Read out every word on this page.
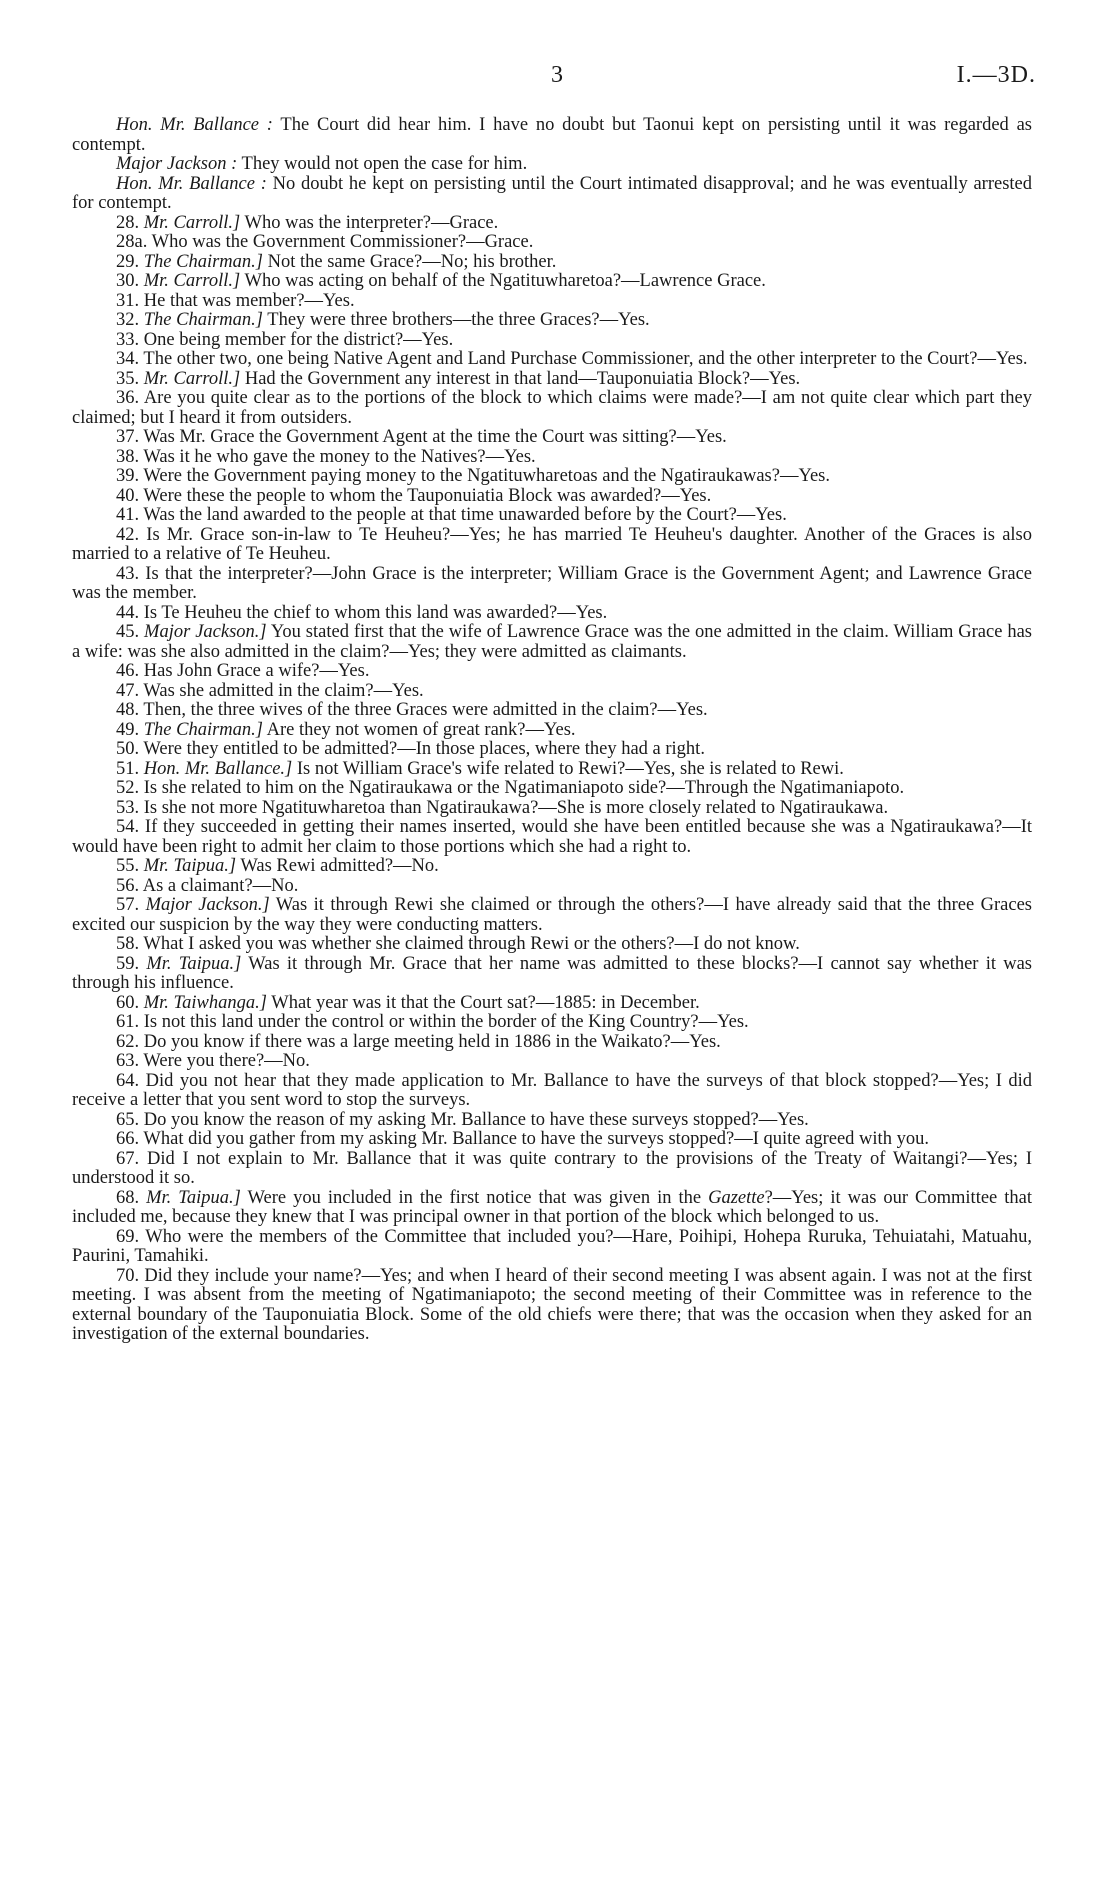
3	I.—3D.

Hon. Mr. Ballance : The Court did hear him. I have no doubt but Taonui kept on persisting until it was regarded as contempt.

Major Jackson : They would not open the case for him.

Hon. Mr. Ballance : No doubt he kept on persisting until the Court intimated disapproval; and he was eventually arrested for contempt.

28. Mr. Carroll.] Who was the interpreter?—Grace.

28a. Who was the Government Commissioner?—Grace.

29. The Chairman.] Not the same Grace?—No; his brother.

30. Mr. Carroll.] Who was acting on behalf of the Ngatituwharetoa?—Lawrence Grace.

31. He that was member?—Yes.

32. The Chairman.] They were three brothers—the three Graces?—Yes.

33. One being member for the district?—Yes.

34. The other two, one being Native Agent and Land Purchase Commissioner, and the other interpreter to the Court?—Yes.

35. Mr. Carroll.] Had the Government any interest in that land—Tauponuiatia Block?—Yes.

36. Are you quite clear as to the portions of the block to which claims were made?—I am not quite clear which part they claimed; but I heard it from outsiders.

37. Was Mr. Grace the Government Agent at the time the Court was sitting?—Yes.

38. Was it he who gave the money to the Natives?—Yes.

39. Were the Government paying money to the Ngatituwharetoas and the Ngatiraukawas?—Yes.

40. Were these the people to whom the Tauponuiatia Block was awarded?—Yes.

41. Was the land awarded to the people at that time unawarded before by the Court?—Yes.

42. Is Mr. Grace son-in-law to Te Heuheu?—Yes; he has married Te Heuheu's daughter. Another of the Graces is also married to a relative of Te Heuheu.

43. Is that the interpreter?—John Grace is the interpreter; William Grace is the Government Agent; and Lawrence Grace was the member.

44. Is Te Heuheu the chief to whom this land was awarded?—Yes.

45. Major Jackson.] You stated first that the wife of Lawrence Grace was the one admitted in the claim. William Grace has a wife: was she also admitted in the claim?—Yes; they were admitted as claimants.

46. Has John Grace a wife?—Yes.

47. Was she admitted in the claim?—Yes.

48. Then, the three wives of the three Graces were admitted in the claim?—Yes.

49. The Chairman.] Are they not women of great rank?—Yes.

50. Were they entitled to be admitted?—In those places, where they had a right.

51. Hon. Mr. Ballance.] Is not William Grace's wife related to Rewi?—Yes, she is related to Rewi.

52. Is she related to him on the Ngatiraukawa or the Ngatimaniapoto side?—Through the Ngatimaniapoto.

53. Is she not more Ngatituwharetoa than Ngatiraukawa?—She is more closely related to Ngatiraukawa.

54. If they succeeded in getting their names inserted, would she have been entitled because she was a Ngatiraukawa?—It would have been right to admit her claim to those portions which she had a right to.

55. Mr. Taipua.] Was Rewi admitted?—No.

56. As a claimant?—No.

57. Major Jackson.] Was it through Rewi she claimed or through the others?—I have already said that the three Graces excited our suspicion by the way they were conducting matters.

58. What I asked you was whether she claimed through Rewi or the others?—I do not know.

59. Mr. Taipua.] Was it through Mr. Grace that her name was admitted to these blocks?—I cannot say whether it was through his influence.

60. Mr. Taiwhanga.] What year was it that the Court sat?—1885: in December.

61. Is not this land under the control or within the border of the King Country?—Yes.

62. Do you know if there was a large meeting held in 1886 in the Waikato?—Yes.

63. Were you there?—No.

64. Did you not hear that they made application to Mr. Ballance to have the surveys of that block stopped?—Yes; I did receive a letter that you sent word to stop the surveys.

65. Do you know the reason of my asking Mr. Ballance to have these surveys stopped?—Yes.

66. What did you gather from my asking Mr. Ballance to have the surveys stopped?—I quite agreed with you.

67. Did I not explain to Mr. Ballance that it was quite contrary to the provisions of the Treaty of Waitangi?—Yes; I understood it so.

68. Mr. Taipua.] Were you included in the first notice that was given in the Gazette?—Yes; it was our Committee that included me, because they knew that I was principal owner in that portion of the block which belonged to us.

69. Who were the members of the Committee that included you?—Hare, Poihipi, Hohepa Ruruka, Tehuiatahi, Matuahu, Paurini, Tamahiki.

70. Did they include your name?—Yes; and when I heard of their second meeting I was absent again. I was not at the first meeting. I was absent from the meeting of Ngatimaniapoto; the second meeting of their Committee was in reference to the external boundary of the Tauponuiatia Block. Some of the old chiefs were there; that was the occasion when they asked for an investigation of the external boundaries.
